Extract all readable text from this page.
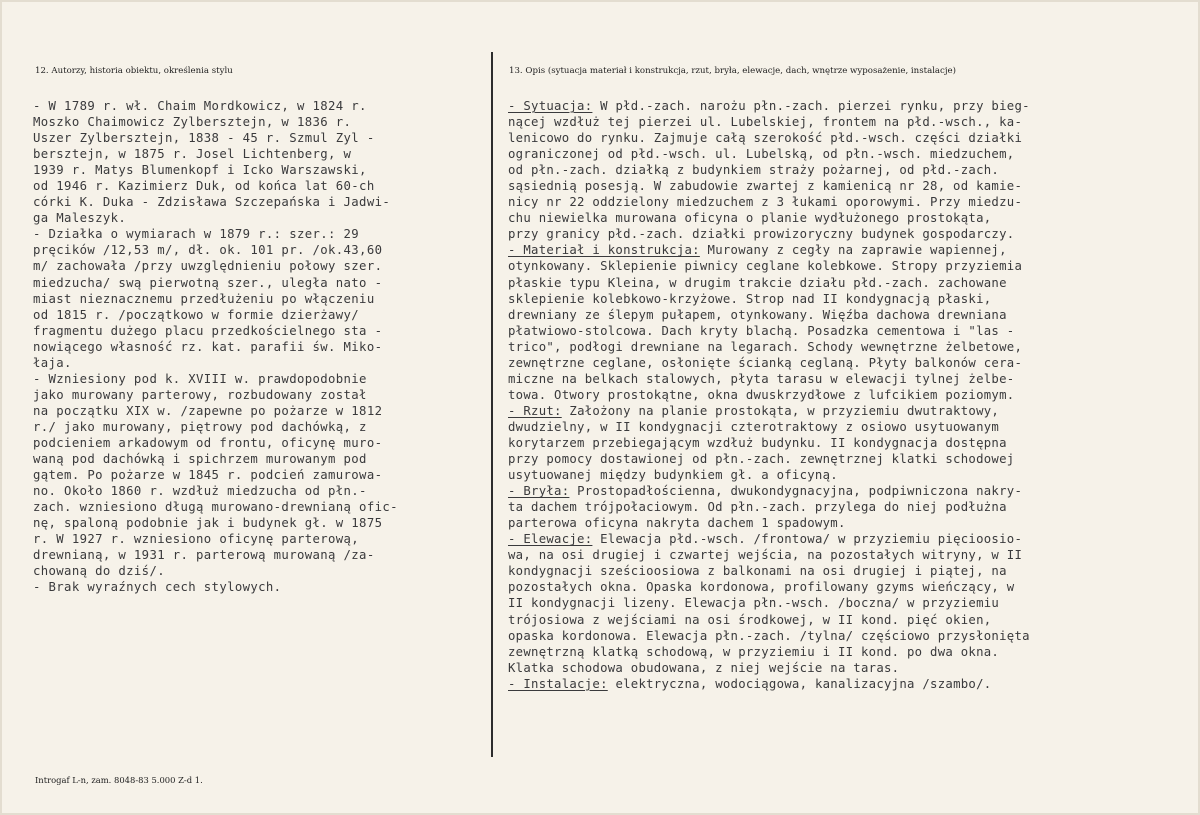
12. Autorzy, historia obiektu, określenia stylu	13. Opis (sytuacja materiał i konstrukcja, rzut, bryła, elewacje, dach, wnętrze wyposażenie, instalacje)
- W 1789 r. wł. Chaim Mordkowicz, w 1824 r.
Moszko Chaimowicz Zylbersztejn, w 1836 r.
Uszer Zylbersztejn, 1838 - 45 r. Szmul Zyl -
bersztejn, w 1875 r. Josel Lichtenberg, w
1939 r. Matys Blumenkopf i Icko Warszawski,
od 1946 r. Kazimierz Duk, od końca lat 60-ch
córki K. Duka - Zdzisława Szczepańska i Jadwi-
ga Maleszyk.
- Działka o wymiarach w 1879 r.: szer.: 29
pręcików /12,53 m/, dł. ok. 101 pr. /ok.43,60
m/ zachowała /przy uwzględnieniu połowy szer.
miedzucha/ swą pierwotną szer., uległa nato -
miast nieznacznemu przedłużeniu po włączeniu
od 1815 r. /początkowo w formie dzierżawy/
fragmentu dużego placu przedkościelnego sta -
nowiącego własność rz. kat. parafii św. Miko-
łaja.
- Wzniesiony pod k. XVIII w. prawdopodobnie
jako murowany parterowy, rozbudowany został
na początku XIX w. /zapewne po pożarze w 1812
r./ jako murowany, piętrowy pod dachówką, z
podcieniem arkadowym od frontu, oficynę muro-
waną pod dachówką i spichrzem murowanym pod
gątem. Po pożarze w 1845 r. podcień zamurowa-
no. Około 1860 r. wzdłuż miedzucha od płn.-
zach. wzniesiono długą murowano-drewnianą ofic-
nę, spaloną podobnie jak i budynek gł. w 1875
r. W 1927 r. wzniesiono oficynę parterową,
drewnianą, w 1931 r. parterową murowaną /za-
chowaną do dziś/.
- Brak wyraźnych cech stylowych.
- Sytuacja: W płd.-zach. narożu płn.-zach. pierzei rynku, przy bieg-
nącej wzdłuż tej pierzei ul. Lubelskiej, frontem na płd.-wsch., ka-
lenicowo do rynku. Zajmuje całą szerokość płd.-wsch. części działki
ograniczonej od płd.-wsch. ul. Lubelską, od płn.-wsch. miedzuchem,
od płn.-zach. działką z budynkiem straży pożarnej, od płd.-zach.
sąsiednią posesją. W zabudowie zwartej z kamienicą nr 28, od kamie-
nicy nr 22 oddzielony miedzuchem z 3 łukami oporowymi. Przy miedzu-
chu niewielka murowana oficyna o planie wydłużonego prostokąta,
przy granicy płd.-zach. działki prowizoryczny budynek gospodarczy.
- Materiał i konstrukcja: Murowany z cegły na zaprawie wapiennej,
otynkowany. Sklepienie piwnicy ceglane kolebkowe. Stropy przyziemia
płaskie typu Kleina, w drugim trakcie działu płd.-zach. zachowane
sklepienie kolebkowo-krzyżowe. Strop nad II kondygnacją płaski,
drewniany ze ślepym pułapem, otynkowany. Więźba dachowa drewniana
płatwiowo-stolcowa. Dach kryty blachą. Posadzka cementowa i "las -
trico", podłogi drewniane na legarach. Schody wewnętrzne żelbetowe,
zewnętrzne ceglane, osłonięte ścianką ceglaną. Płyty balkonów cera-
miczne na belkach stalowych, płyta tarasu w elewacji tylnej żelbe-
towa. Otwory prostokątne, okna dwuskrzydłowe z lufcikiem poziomym.
- Rzut: Założony na planie prostokąta, w przyziemiu dwutraktowy,
dwudzielny, w II kondygnacji czterotraktowy z osiowo usytuowanym
korytarzem przebiegającym wzdłuż budynku. II kondygnacja dostępna
przy pomocy dostawionej od płn.-zach. zewnętrznej klatki schodowej
usytuowanej między budynkiem gł. a oficyną.
- Bryła: Prostopadłościenna, dwukondygnacyjna, podpiwniczona nakry-
ta dachem trójpołaciowym. Od płn.-zach. przylega do niej podłużna
parterowa oficyna nakryta dachem 1 spadowym.
- Elewacje: Elewacja płd.-wsch. /frontowa/ w przyziemiu pięcioosio-
wa, na osi drugiej i czwartej wejścia, na pozostałych witryny, w II
kondygnacji sześcioosiowa z balkonami na osi drugiej i piątej, na
pozostałych okna. Opaska kordonowa, profilowany gzyms wieńczący, w
II kondygnacji lizeny. Elewacja płn.-wsch. /boczna/ w przyziemiu
trójosiowa z wejściami na osi środkowej, w II kond. pięć okien,
opaska kordonowa. Elewacja płn.-zach. /tylna/ częściowo przysłonięta
zewnętrzną klatką schodową, w przyziemiu i II kond. po dwa okna.
Klatka schodowa obudowana, z niej wejście na taras.
- Instalacje: elektryczna, wodociągowa, kanalizacyjna /szambo/.
Introgaf L-n, zam. 8048-83 5.000 Z-d 1.
